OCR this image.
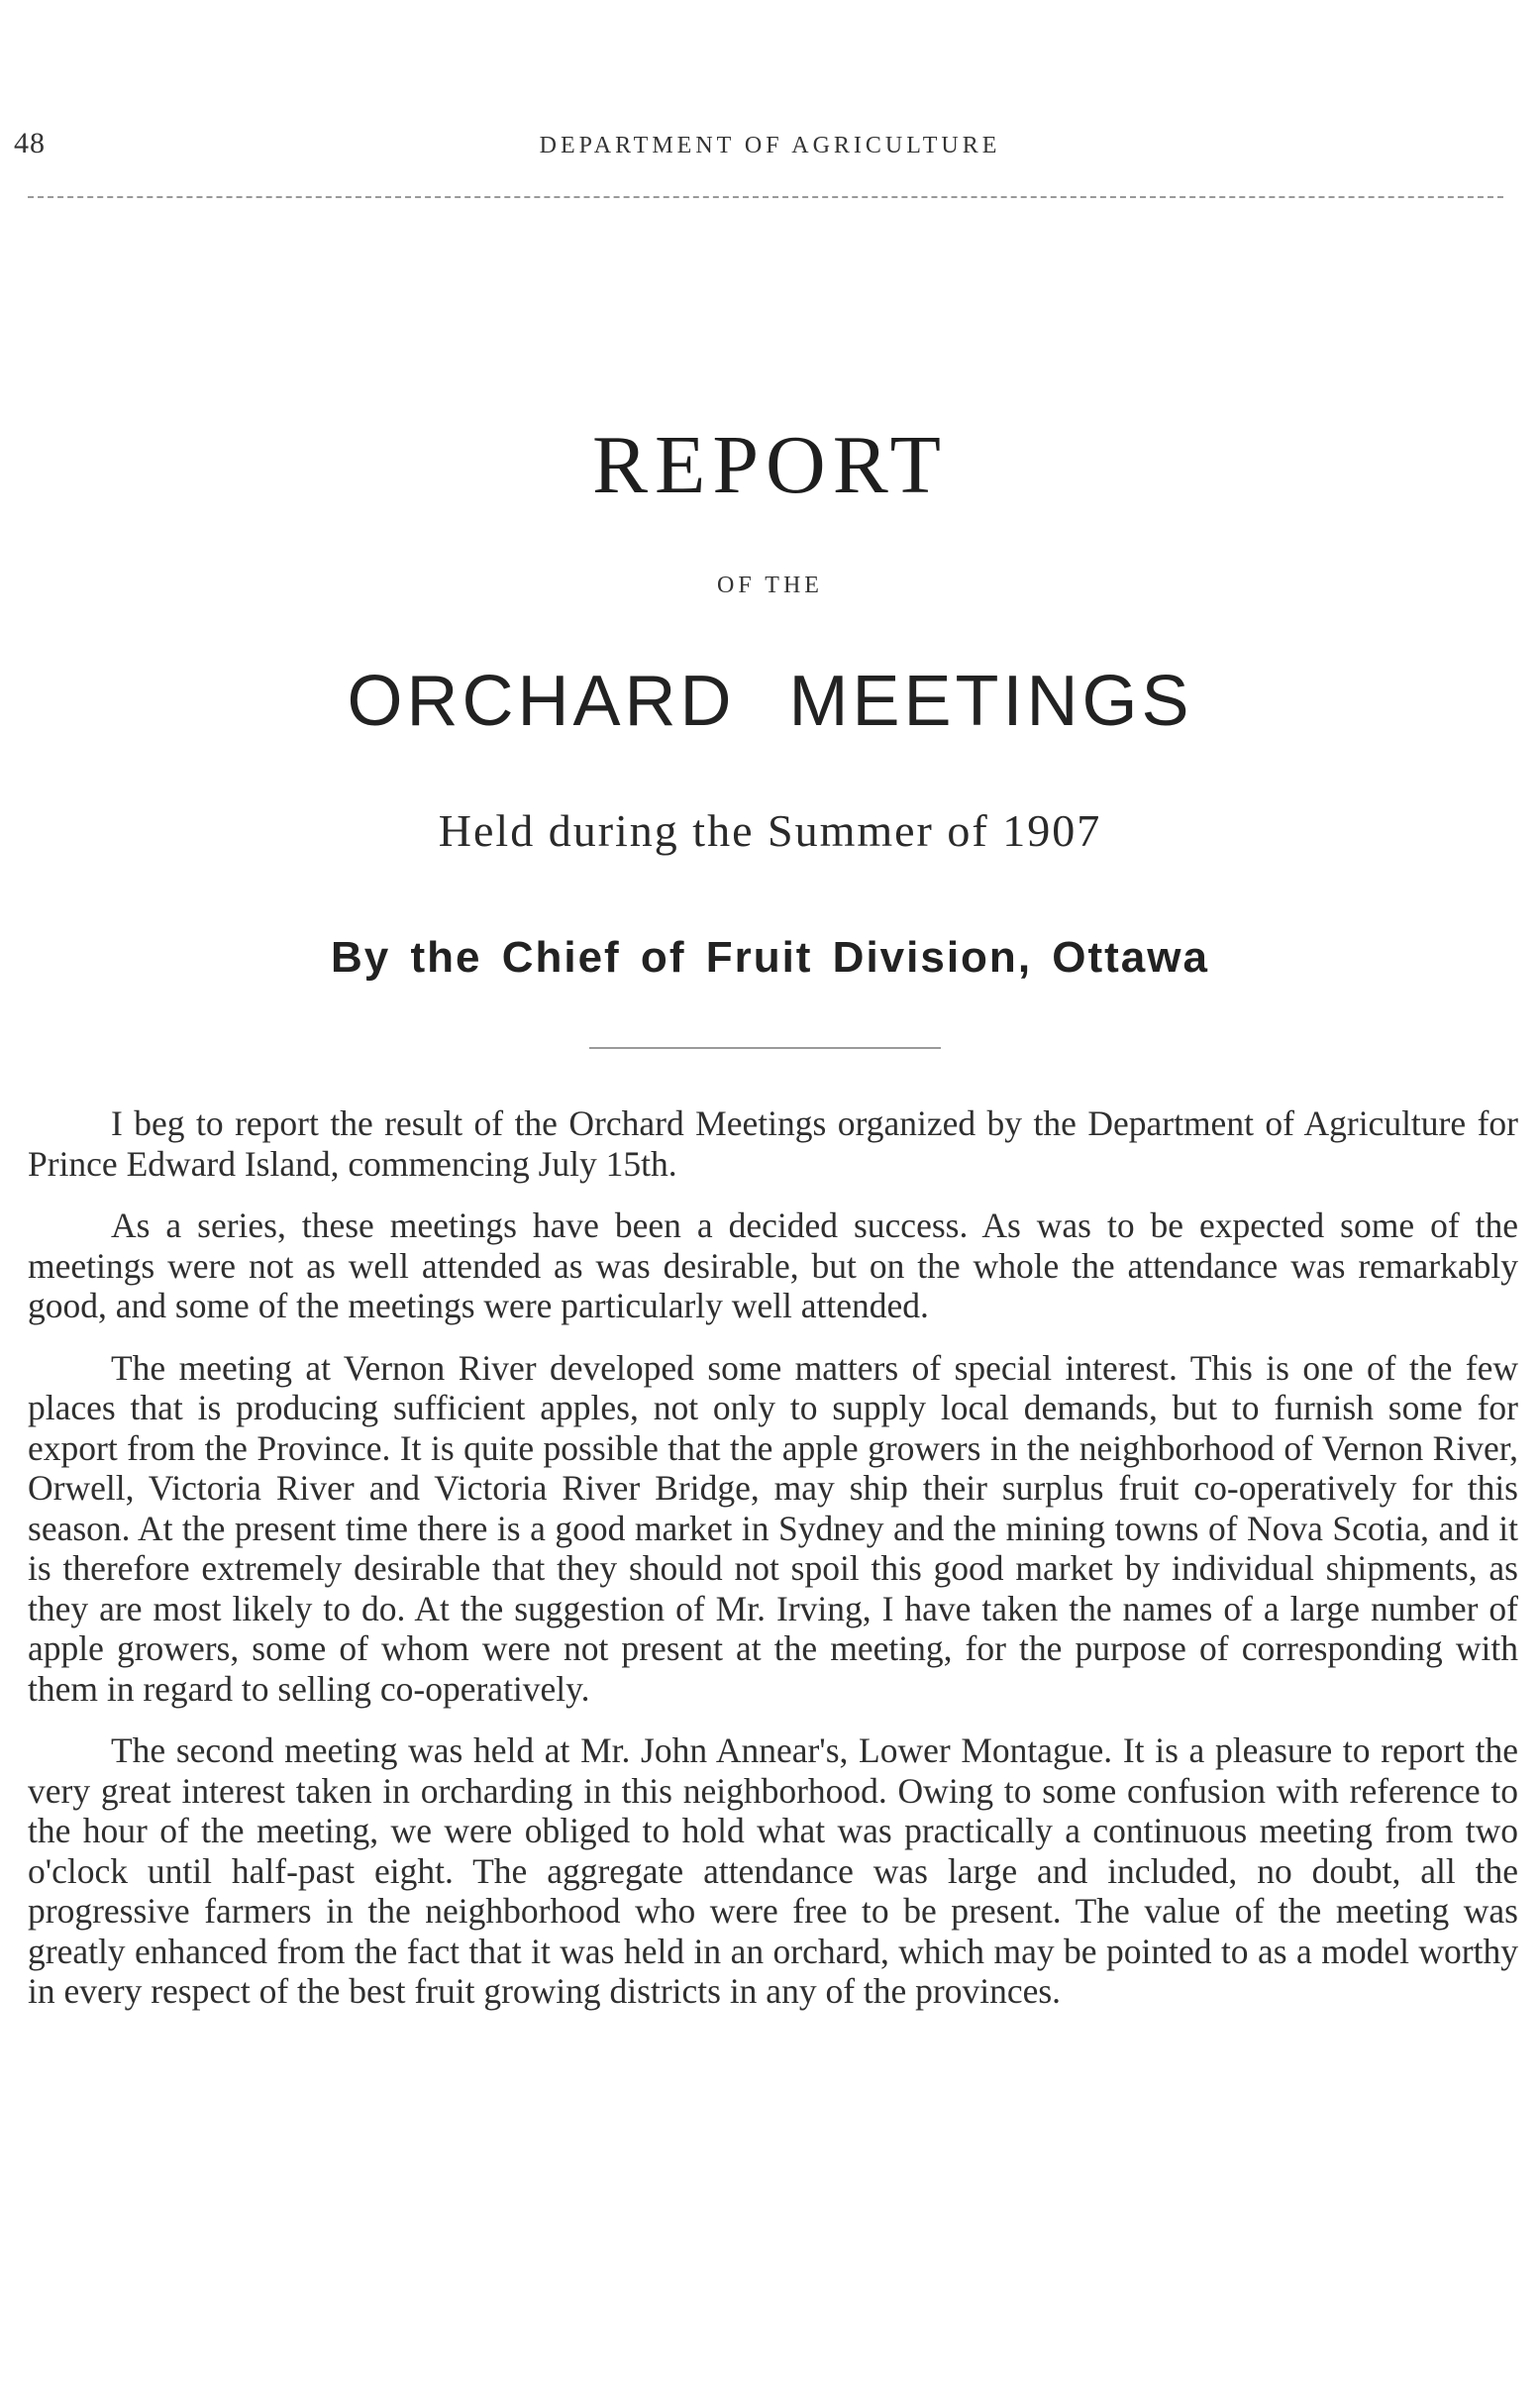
48	DEPARTMENT OF AGRICULTURE
REPORT
OF THE
ORCHARD MEETINGS
Held during the Summer of 1907
By the Chief of Fruit Division, Ottawa

I beg to report the result of the Orchard Meetings organized by the Department of Agriculture for Prince Edward Island, commencing July 15th.

As a series, these meetings have been a decided success. As was to be expected some of the meetings were not as well attended as was desirable, but on the whole the attendance was remarkably good, and some of the meetings were particularly well attended.

The meeting at Vernon River developed some matters of special interest. This is one of the few places that is producing sufficient apples, not only to supply local demands, but to furnish some for export from the Province. It is quite possible that the apple growers in the neighborhood of Vernon River, Orwell, Victoria River and Victoria River Bridge, may ship their surplus fruit co-operatively for this season. At the present time there is a good market in Sydney and the mining towns of Nova Scotia, and it is therefore extremely desirable that they should not spoil this good market by individual shipments, as they are most likely to do. At the suggestion of Mr. Irving, I have taken the names of a large number of apple growers, some of whom were not present at the meeting, for the purpose of corresponding with them in regard to selling co-operatively.

The second meeting was held at Mr. John Annear's, Lower Montague. It is a pleasure to report the very great interest taken in orcharding in this neighborhood. Owing to some confusion with reference to the hour of the meeting, we were obliged to hold what was practically a continuous meeting from two o'clock until half-past eight. The aggregate attendance was large and included, no doubt, all the progressive farmers in the neighborhood who were free to be present. The value of the meeting was greatly enhanced from the fact that it was held in an orchard, which may be pointed to as a model worthy in every respect of the best fruit growing districts in any of the provinces.
